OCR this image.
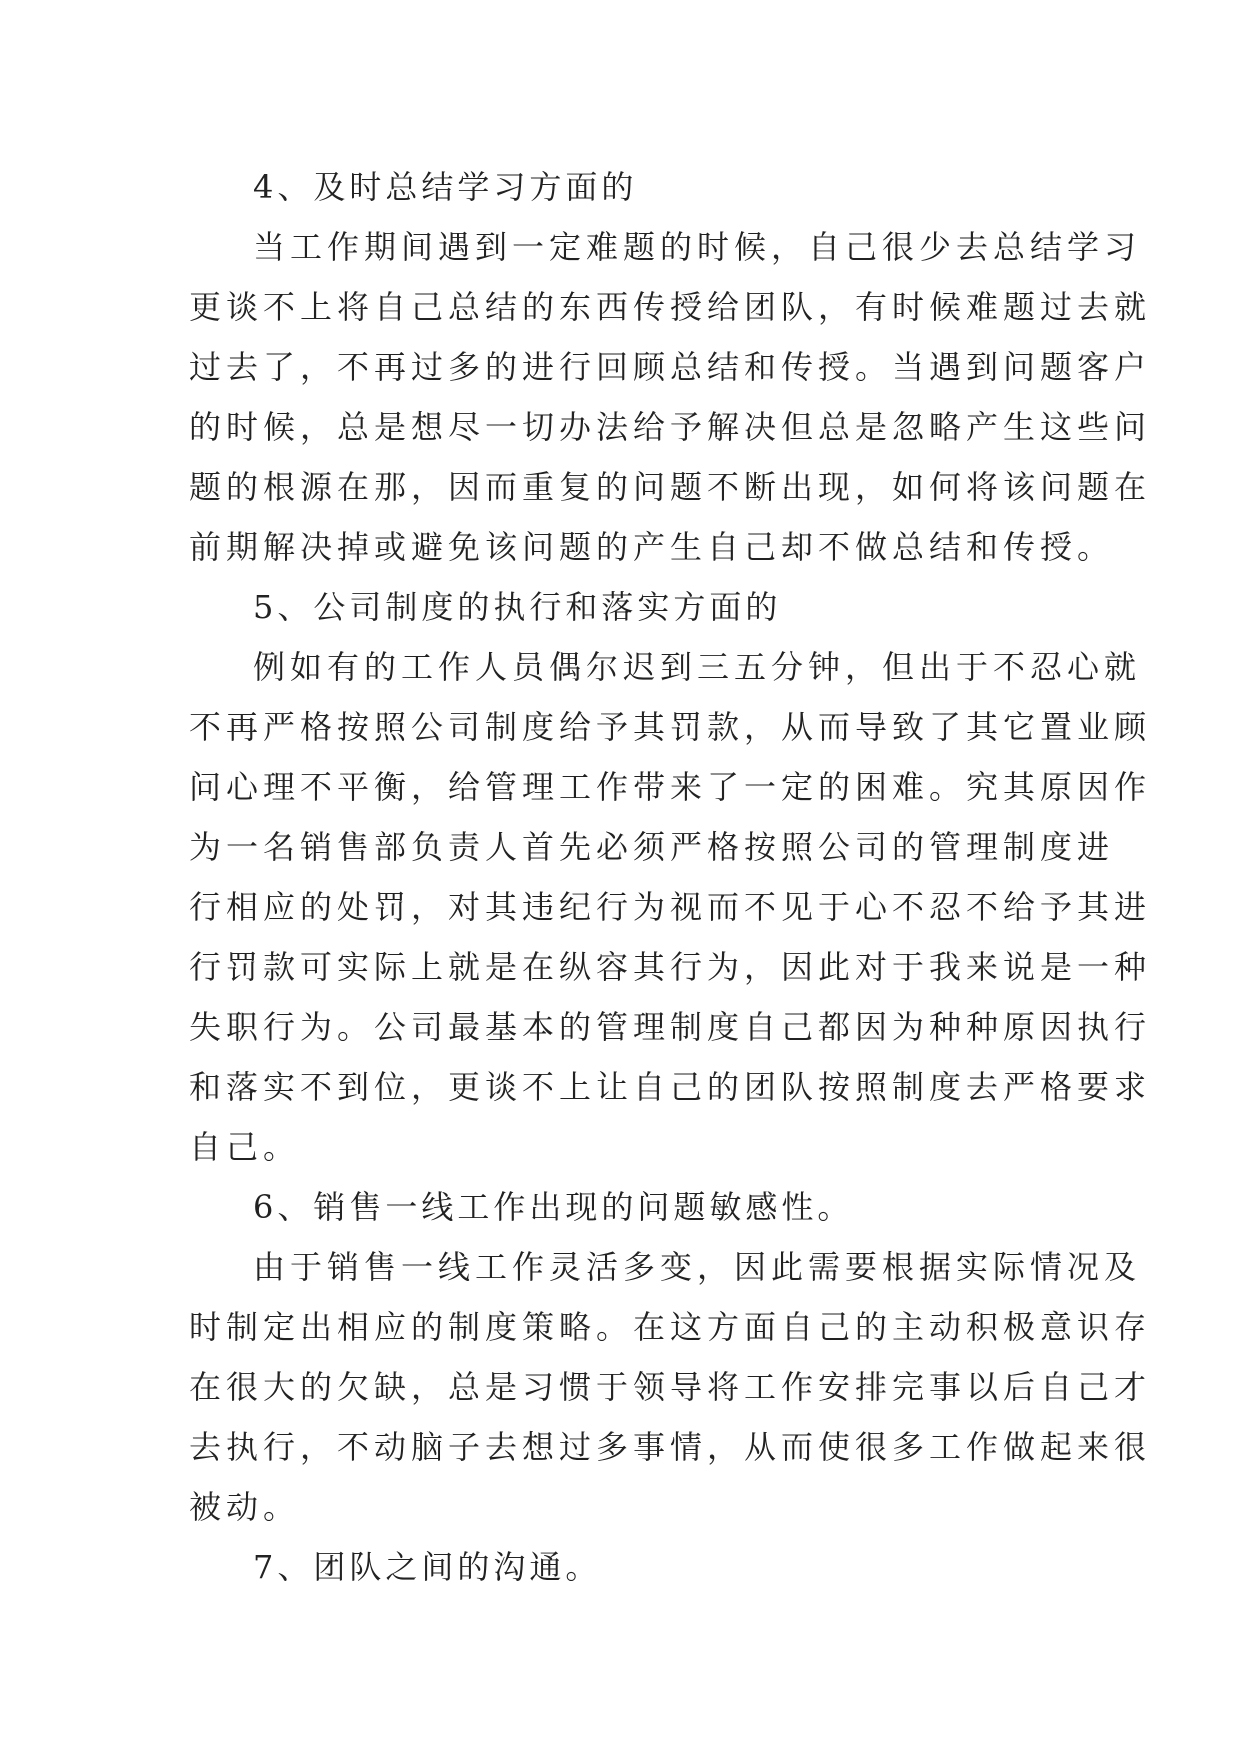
4、及时总结学习方面的

当工作期间遇到一定难题的时候，自己很少去总结学习
更谈不上将自己总结的东西传授给团队，有时候难题过去就
过去了，不再过多的进行回顾总结和传授。当遇到问题客户
的时候，总是想尽一切办法给予解决但总是忽略产生这些问
题的根源在那，因而重复的问题不断出现，如何将该问题在
前期解决掉或避免该问题的产生自己却不做总结和传授。

5、公司制度的执行和落实方面的

例如有的工作人员偶尔迟到三五分钟，但出于不忍心就
不再严格按照公司制度给予其罚款，从而导致了其它置业顾
问心理不平衡，给管理工作带来了一定的困难。究其原因作
为一名销售部负责人首先必须严格按照公司的管理制度进
行相应的处罚，对其违纪行为视而不见于心不忍不给予其进
行罚款可实际上就是在纵容其行为，因此对于我来说是一种
失职行为。公司最基本的管理制度自己都因为种种原因执行
和落实不到位，更谈不上让自己的团队按照制度去严格要求
自己。

6、销售一线工作出现的问题敏感性。

由于销售一线工作灵活多变，因此需要根据实际情况及
时制定出相应的制度策略。在这方面自己的主动积极意识存
在很大的欠缺，总是习惯于领导将工作安排完事以后自己才
去执行，不动脑子去想过多事情，从而使很多工作做起来很
被动。

7、团队之间的沟通。
